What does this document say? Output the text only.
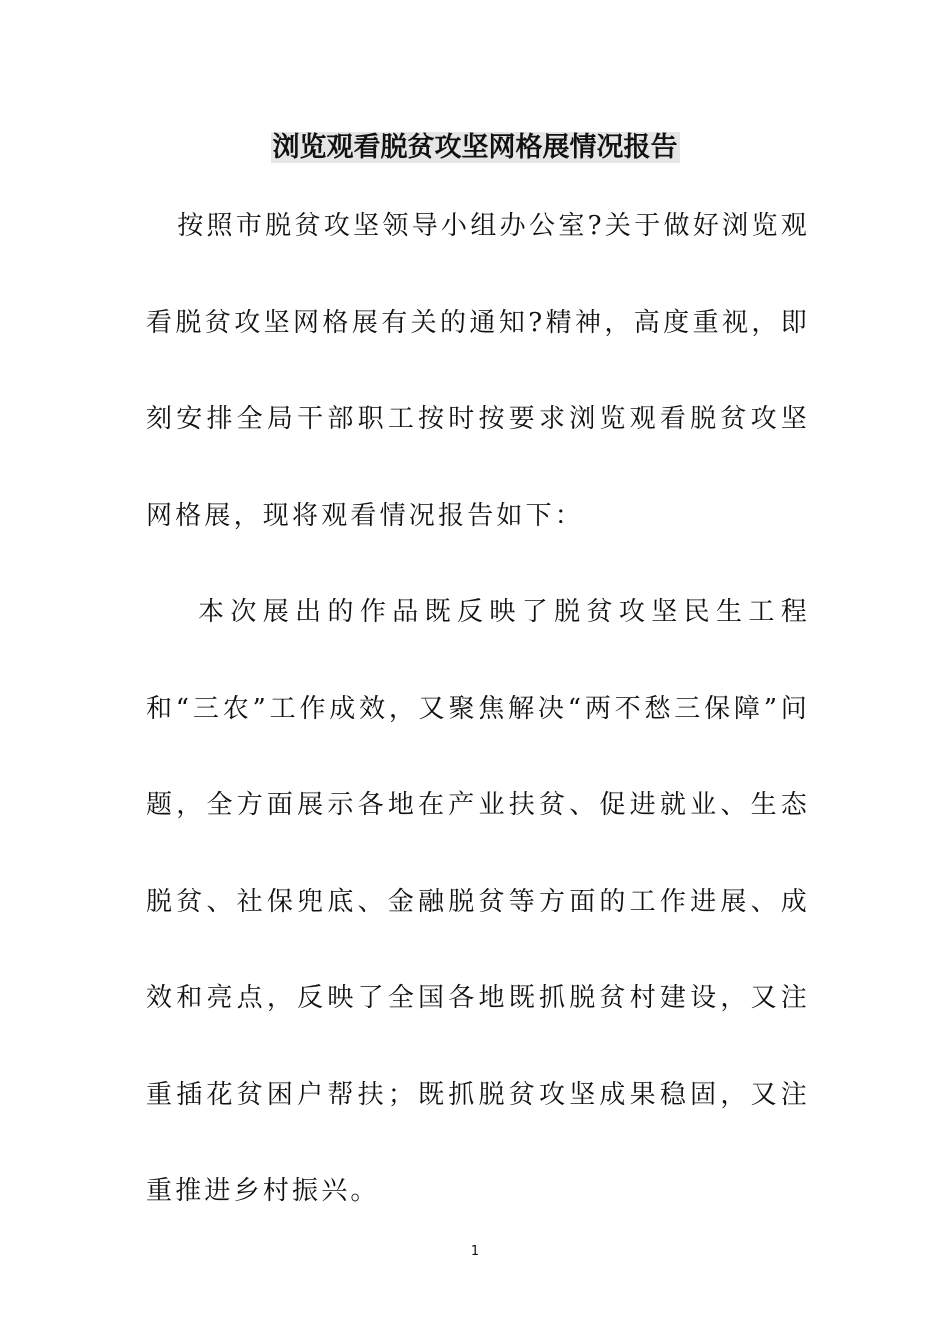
浏览观看脱贫攻坚网格展情况报告

按照市脱贫攻坚领导小组办公室?关于做好浏览观看脱贫攻坚网格展有关的通知?精神，高度重视，即刻安排全局干部职工按时按要求浏览观看脱贫攻坚网格展，现将观看情况报告如下：

本次展出的作品既反映了脱贫攻坚民生工程和“三农”工作成效，又聚焦解决“两不愁三保障”问题，全方面展示各地在产业扶贫、促进就业、生态脱贫、社保兜底、金融脱贫等方面的工作进展、成效和亮点，反映了全国各地既抓脱贫村建设，又注重插花贫困户帮扶；既抓脱贫攻坚成果稳固，又注重推进乡村振兴。

1
